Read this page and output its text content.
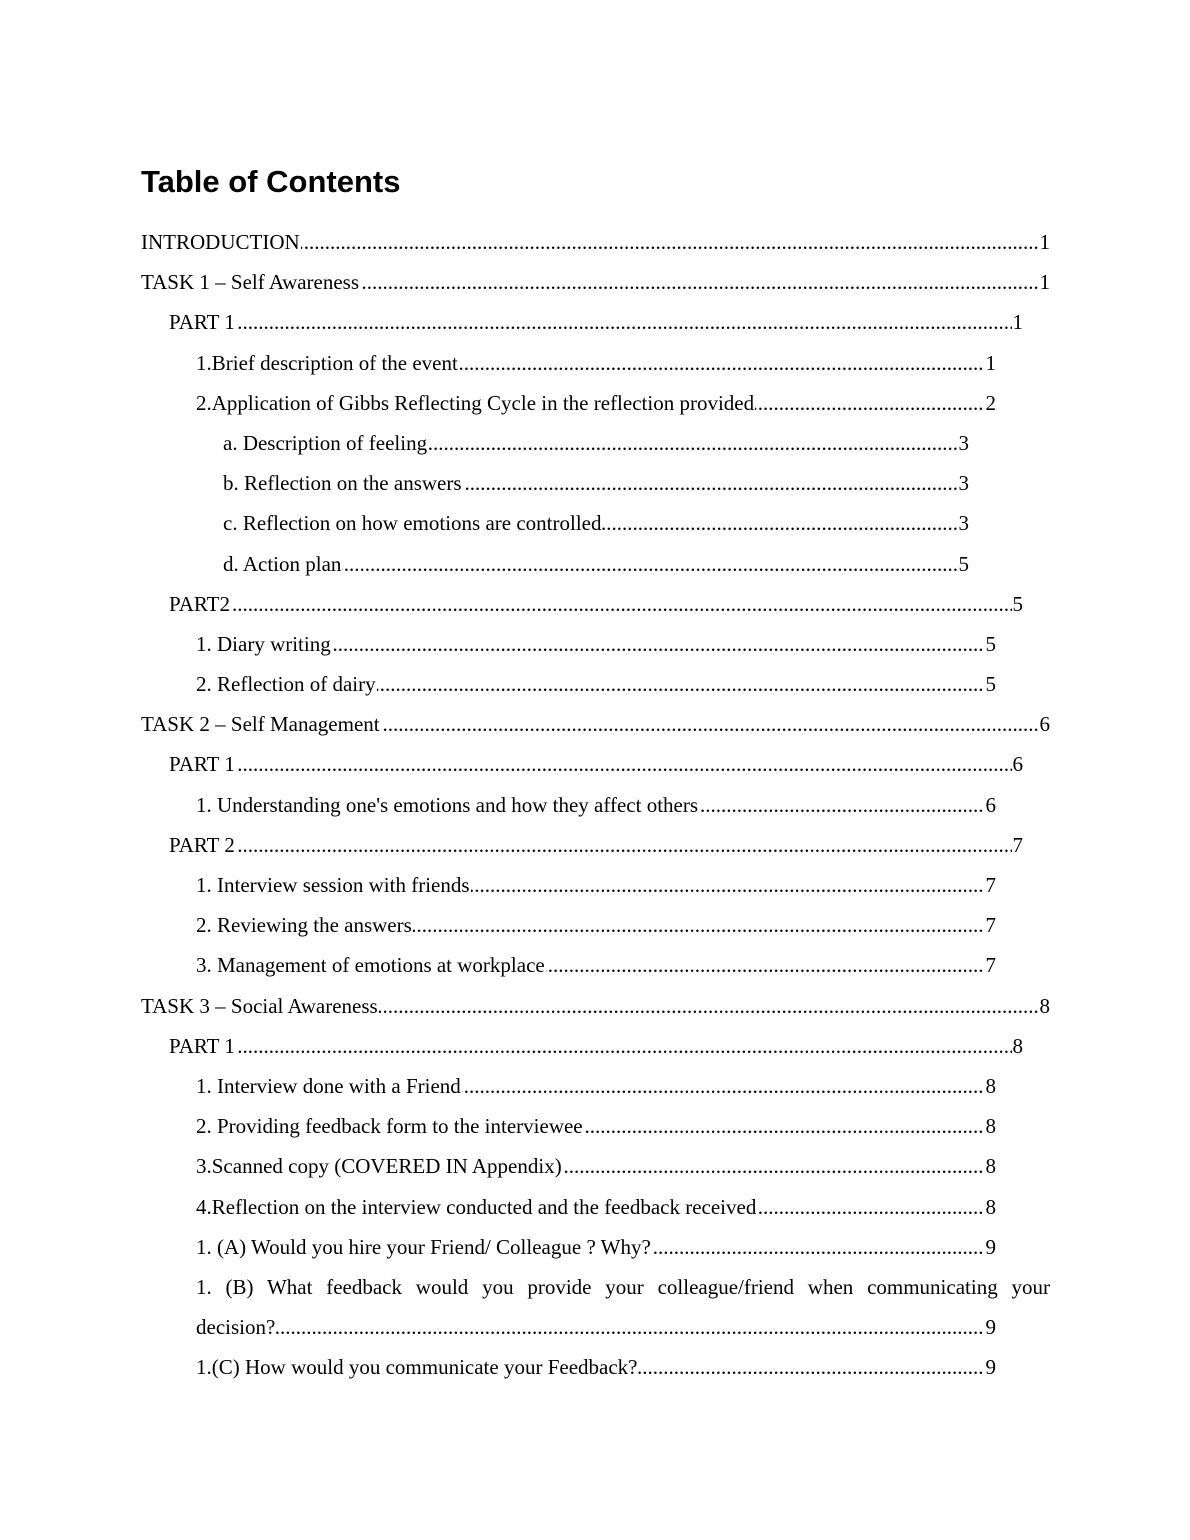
Table of Contents
INTRODUCTION .....	1
TASK 1 – Self Awareness .....	1
PART 1 .....	1
1.Brief description of the event .....	1
2.Application of Gibbs Reflecting Cycle in the reflection provided .....	2
a. Description of feeling .....	3
b. Reflection on the answers .....	3
c. Reflection on how emotions are controlled .....	3
d. Action plan .....	5
PART2 .....	5
1. Diary writing .....	5
2. Reflection of dairy .....	5
TASK 2 – Self Management .....	6
PART 1 .....	6
1. Understanding one's emotions and how they affect others .....	6
PART 2 .....	7
1. Interview session with friends .....	7
2. Reviewing the answers .....	7
3. Management of emotions at workplace .....	7
TASK 3 – Social Awareness .....	8
PART 1 .....	8
1. Interview done with a Friend .....	8
2. Providing feedback form to the interviewee .....	8
3.Scanned copy (COVERED IN Appendix) .....	8
4.Reflection on the interview conducted and the feedback received .....	8
1. (A) Would you hire your Friend/ Colleague ? Why? .....	9
1. (B) What feedback would you provide your colleague/friend when communicating your
decision? .....	9
1.(C) How would you communicate your Feedback? .....	9
